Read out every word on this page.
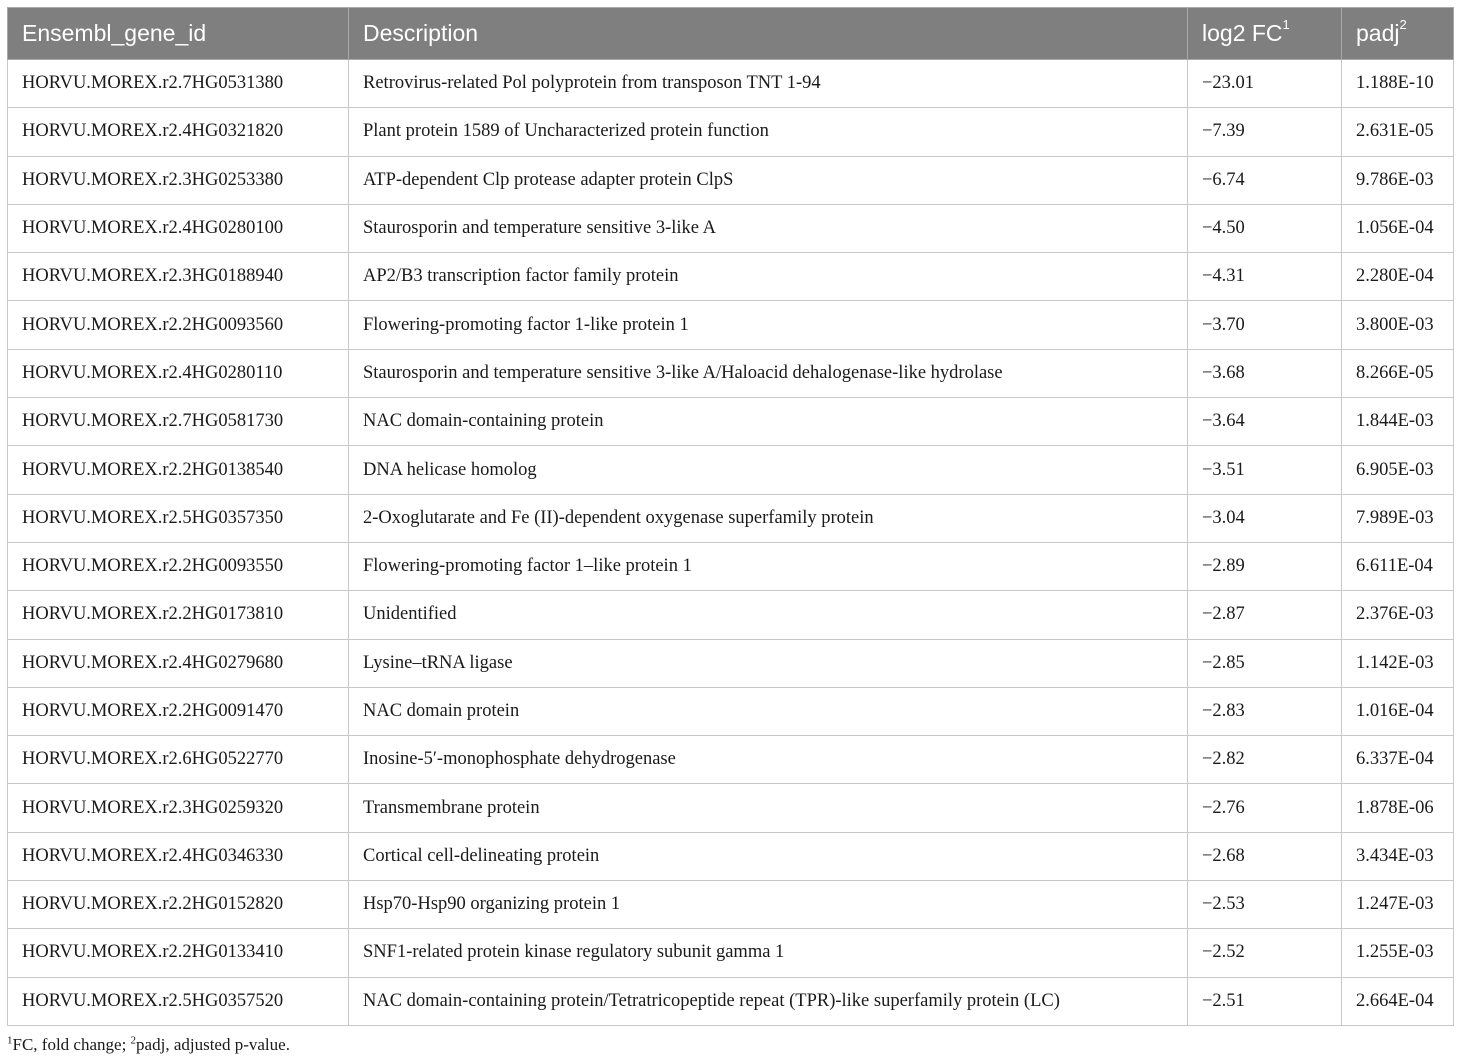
Ensembl_gene_id	Description	log2 $FC^1$	padj$^2$
HORVU.MOREX.r2.7HG0531380	Retrovirus-related Pol polyprotein from transposon TNT 1-94	−23.01	1.188E-10
HORVU.MOREX.r2.4HG0321820	Plant protein 1589 of Uncharacterized protein function	−7.39	2.631E-05
HORVU.MOREX.r2.3HG0253380	ATP-dependent Clp protease adapter protein ClpS	−6.74	9.786E-03
HORVU.MOREX.r2.4HG0280100	Staurosporin and temperature sensitive 3-like A	−4.50	1.056E-04
HORVU.MOREX.r2.3HG0188940	AP2/B3 transcription factor family protein	−4.31	2.280E-04
HORVU.MOREX.r2.2HG0093560	Flowering-promoting factor 1-like protein 1	−3.70	3.800E-03
HORVU.MOREX.r2.4HG0280110	Staurosporin and temperature sensitive 3-like A/Haloacid dehalogenase-like hydrolase	−3.68	8.266E-05
HORVU.MOREX.r2.7HG0581730	NAC domain-containing protein	−3.64	1.844E-03
HORVU.MOREX.r2.2HG0138540	DNA helicase homolog	−3.51	6.905E-03
HORVU.MOREX.r2.5HG0357350	2-Oxoglutarate and Fe (II)-dependent oxygenase superfamily protein	−3.04	7.989E-03
HORVU.MOREX.r2.2HG0093550	Flowering-promoting factor 1–like protein 1	−2.89	6.611E-04
HORVU.MOREX.r2.2HG0173810	Unidentified	−2.87	2.376E-03
HORVU.MOREX.r2.4HG0279680	Lysine–tRNA ligase	−2.85	1.142E-03
HORVU.MOREX.r2.2HG0091470	NAC domain protein	−2.83	1.016E-04
HORVU.MOREX.r2.6HG0522770	Inosine-5′-monophosphate dehydrogenase	−2.82	6.337E-04
HORVU.MOREX.r2.3HG0259320	Transmembrane protein	−2.76	1.878E-06
HORVU.MOREX.r2.4HG0346330	Cortical cell-delineating protein	−2.68	3.434E-03
HORVU.MOREX.r2.2HG0152820	Hsp70-Hsp90 organizing protein 1	−2.53	1.247E-03
HORVU.MOREX.r2.2HG0133410	SNF1-related protein kinase regulatory subunit gamma 1	−2.52	1.255E-03
HORVU.MOREX.r2.5HG0357520	NAC domain-containing protein/Tetratricopeptide repeat (TPR)-like superfamily protein (LC)	−2.51	2.664E-04
$^1$FC, fold change; $^2$padj, adjusted p-value.
